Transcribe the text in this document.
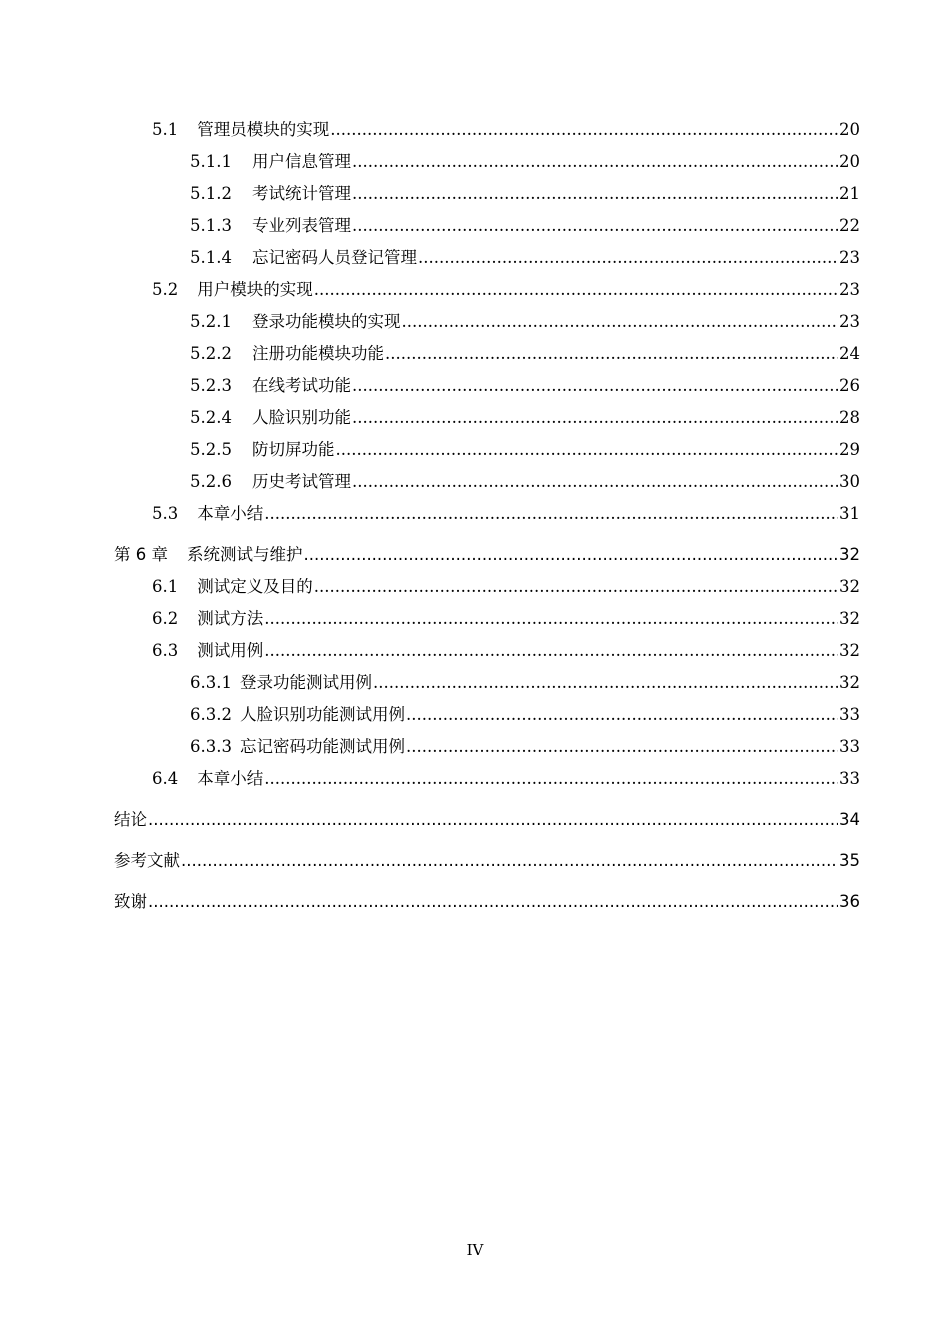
5.1 管理员模块的实现 .....	20
5.1.1 用户信息管理 .....	20
5.1.2 考试统计管理 .....	21
5.1.3 专业列表管理 .....	22
5.1.4 忘记密码人员登记管理 .....	23
5.2 用户模块的实现 .....	23
5.2.1 登录功能模块的实现 .....	23
5.2.2 注册功能模块功能 .....	24
5.2.3 在线考试功能 .....	26
5.2.4 人脸识别功能 .....	28
5.2.5 防切屏功能 .....	29
5.2.6 历史考试管理 .....	30
5.3 本章小结 .....	31
第 6 章 系统测试与维护 .....	32
6.1 测试定义及目的 .....	32
6.2 测试方法 .....	32
6.3 测试用例 .....	32
6.3.1 登录功能测试用例 .....	32
6.3.2 人脸识别功能测试用例 .....	33
6.3.3 忘记密码功能测试用例 .....	33
6.4 本章小结 .....	33
结论 .....	34
参考文献 .....	35
致谢 .....	36
IV
